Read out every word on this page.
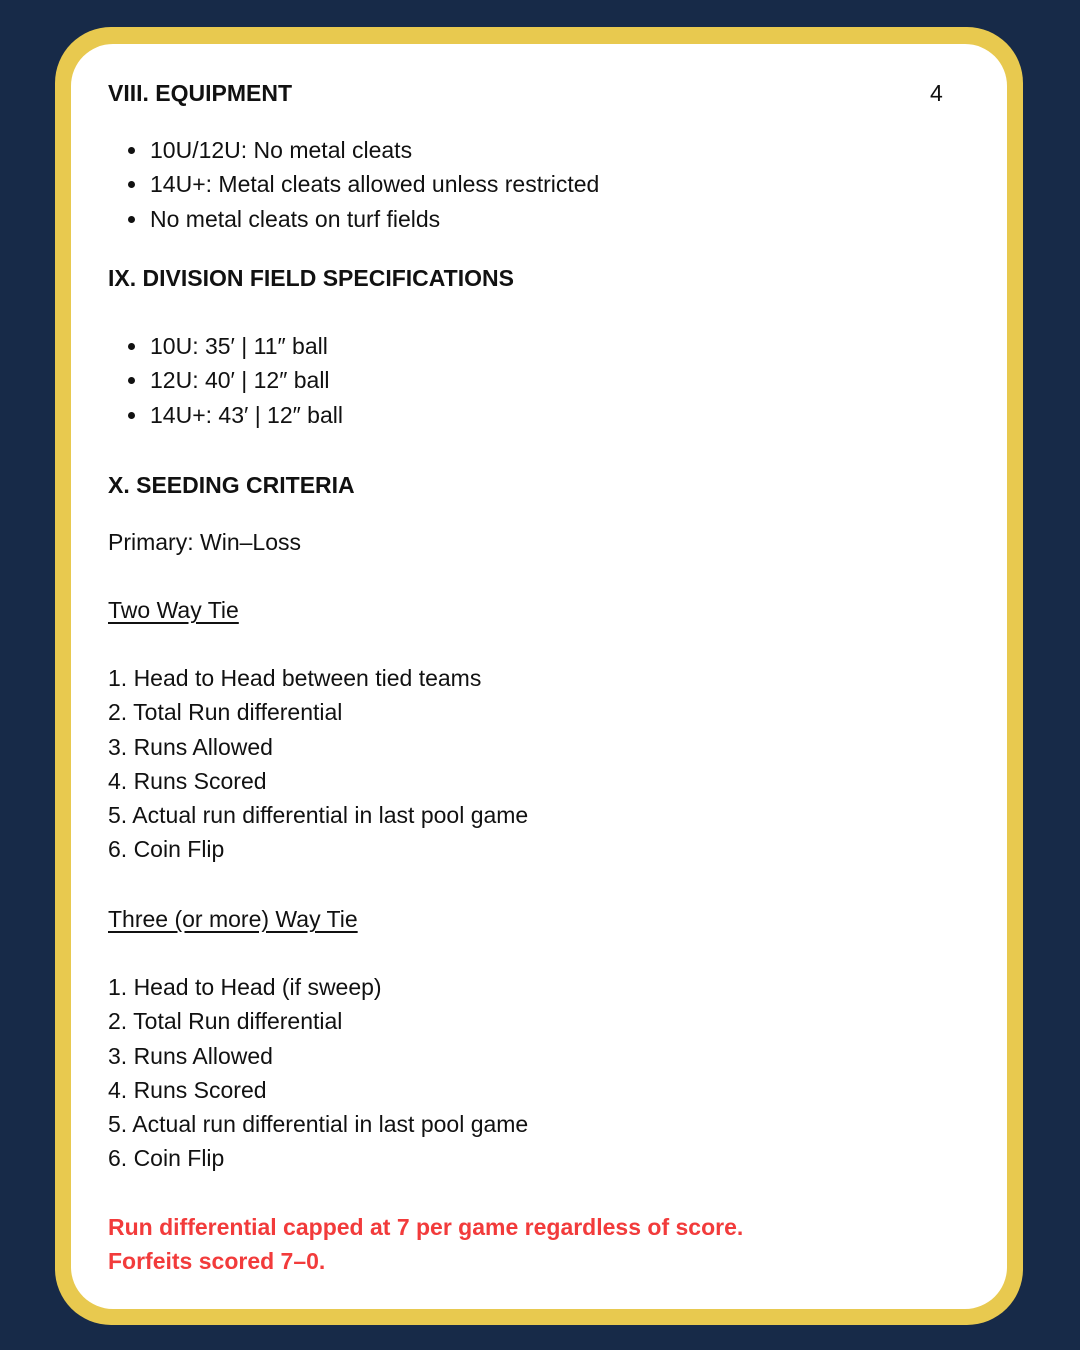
VIII. EQUIPMENT	4
• 10U/12U: No metal cleats
• 14U+: Metal cleats allowed unless restricted
• No metal cleats on turf fields
IX. DIVISION FIELD SPECIFICATIONS
• 10U: 35′ | 11″ ball
• 12U: 40′ | 12″ ball
• 14U+: 43′ | 12″ ball
X. SEEDING CRITERIA

Primary: Win–Loss

Two Way Tie

1. Head to Head between tied teams
2. Total Run differential
3. Runs Allowed
4. Runs Scored
5. Actual run differential in last pool game
6. Coin Flip

Three (or more) Way Tie

1. Head to Head (if sweep)
2. Total Run differential
3. Runs Allowed
4. Runs Scored
5. Actual run differential in last pool game
6. Coin Flip

Run differential capped at 7 per game regardless of score.
Forfeits scored 7–0.
